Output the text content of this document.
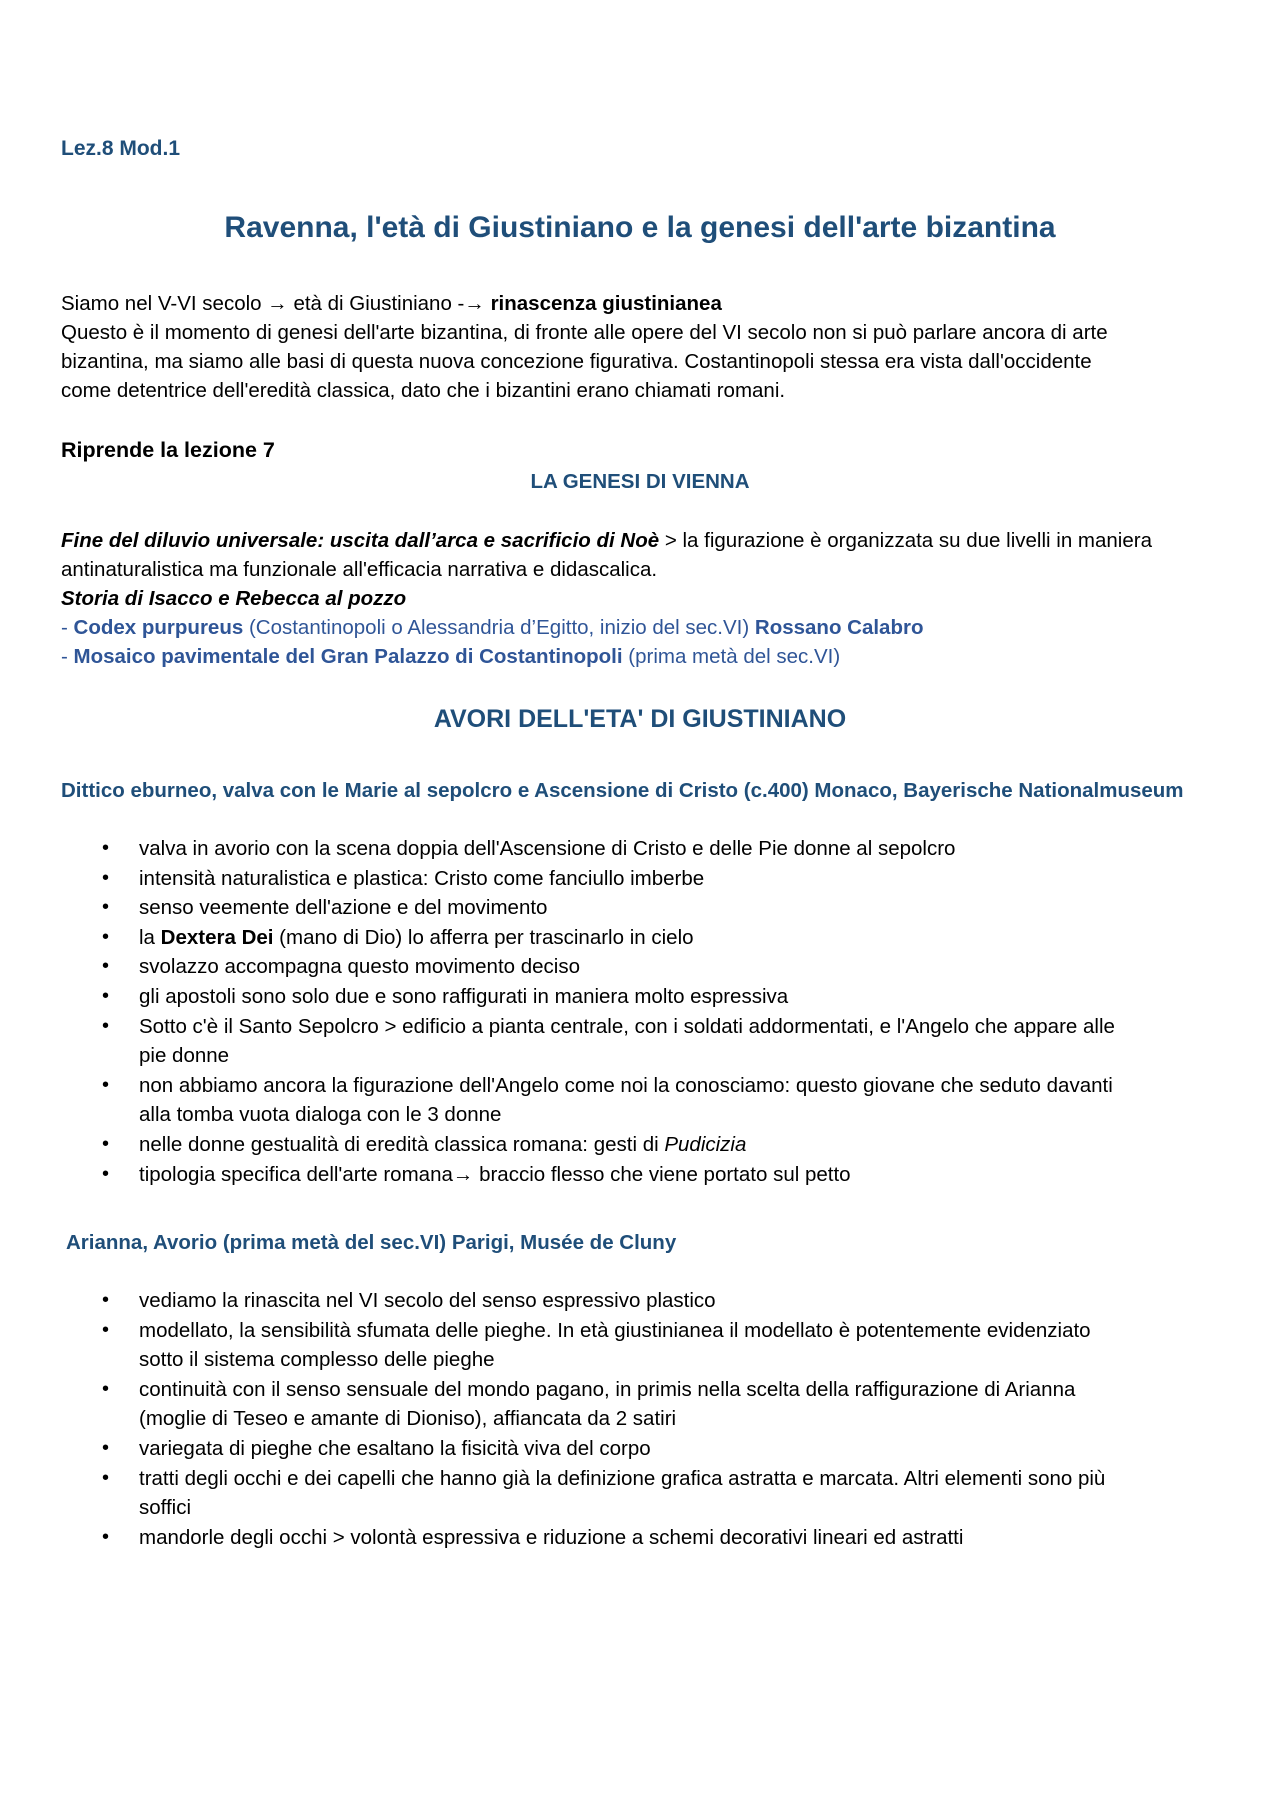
Lez.8 Mod.1
Ravenna, l'età di Giustiniano e la genesi dell'arte bizantina
Siamo nel V-VI secolo → età di Giustiniano -→ rinascenza giustinianea
Questo è il momento di genesi dell'arte bizantina, di fronte alle opere del VI secolo non si può parlare ancora di arte
bizantina, ma siamo alle basi di questa nuova concezione figurativa. Costantinopoli stessa era vista dall'occidente
come detentrice dell'eredità classica, dato che i bizantini erano chiamati romani.
Riprende la lezione 7
LA GENESI DI VIENNA
Fine del diluvio universale: uscita dall’arca e sacrificio di Noè > la figurazione è organizzata su due livelli in maniera
antinaturalistica ma funzionale all'efficacia narrativa e didascalica.
Storia di Isacco e Rebecca al pozzo
- Codex purpureus (Costantinopoli o Alessandria d’Egitto, inizio del sec.VI) Rossano Calabro
- Mosaico pavimentale del Gran Palazzo di Costantinopoli (prima metà del sec.VI)
AVORI DELL'ETA' DI GIUSTINIANO
Dittico eburneo, valva con le Marie al sepolcro e Ascensione di Cristo (c.400) Monaco, Bayerische Nationalmuseum
• valva in avorio con la scena doppia dell'Ascensione di Cristo e delle Pie donne al sepolcro
• intensità naturalistica e plastica: Cristo come fanciullo imberbe
• senso veemente dell'azione e del movimento
• la Dextera Dei (mano di Dio) lo afferra per trascinarlo in cielo
• svolazzo accompagna questo movimento deciso
• gli apostoli sono solo due e sono raffigurati in maniera molto espressiva
• Sotto c'è il Santo Sepolcro > edificio a pianta centrale, con i soldati addormentati, e l'Angelo che appare alle
pie donne
• non abbiamo ancora la figurazione dell'Angelo come noi la conosciamo: questo giovane che seduto davanti
alla tomba vuota dialoga con le 3 donne
• nelle donne gestualità di eredità classica romana: gesti di Pudicizia
• tipologia specifica dell'arte romana→ braccio flesso che viene portato sul petto
Arianna, Avorio (prima metà del sec.VI) Parigi, Musée de Cluny
• vediamo la rinascita nel VI secolo del senso espressivo plastico
• modellato, la sensibilità sfumata delle pieghe. In età giustinianea il modellato è potentemente evidenziato
sotto il sistema complesso delle pieghe
• continuità con il senso sensuale del mondo pagano, in primis nella scelta della raffigurazione di Arianna
(moglie di Teseo e amante di Dioniso), affiancata da 2 satiri
• variegata di pieghe che esaltano la fisicità viva del corpo
• tratti degli occhi e dei capelli che hanno già la definizione grafica astratta e marcata. Altri elementi sono più
soffici
• mandorle degli occhi > volontà espressiva e riduzione a schemi decorativi lineari ed astratti
